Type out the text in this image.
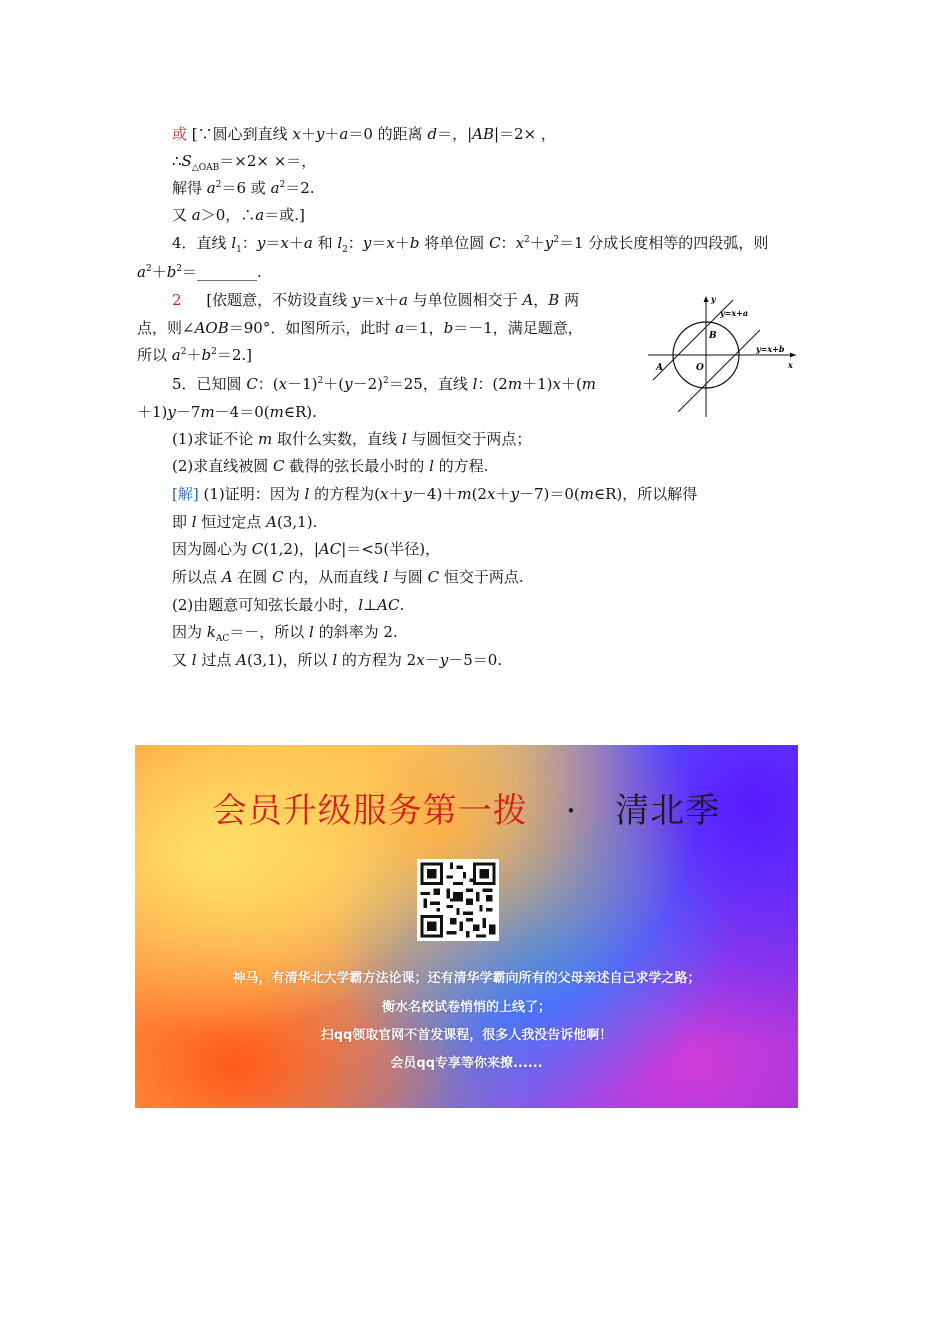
或 [∵圆心到直线 x＋y＋a＝0 的距离 d＝，|AB|＝2× ，
$\therefore S_{\triangle OAB}=\times 2\times$ ×＝，
解得 $a^2=6$ 或 $a^2=2$.
又 a＞0，∴a＝或.]
4．直线 $l_1$：y＝x＋a 和 $l_2$：y＝x＋b 将单位圆 C：$x^2+y^2=1$ 分成长度相等的四段弧，则
$a^2+b^2=\_\_\_\_\_\_\_\_$.
2 [依题意，不妨设直线 y＝x＋a 与单位圆相交于 A，B 两
点，则∠AOB＝90°．如图所示，此时 a＝1，b＝－1，满足题意，
所以 $a^2+b^2=2$.]
A
B
O
y
x
y=x+a
y=x+b
5．已知圆 C：$(x-1)^2+(y-2)^2=25$，直线 l：(2m＋1)x＋(m
＋1)y－7m－4＝0(m∈R).
(1)求证不论 m 取什么实数，直线 l 与圆恒交于两点；
(2)求直线被圆 C 截得的弦长最小时的 l 的方程.
[解] (1)证明：因为 l 的方程为(x＋y－4)＋m(2x＋y－7)＝0(m∈R)，所以解得
即 l 恒过定点 A(3,1).
因为圆心为 C(1,2)，|AC|＝<5(半径)，
所以点 A 在圆 C 内，从而直线 l 与圆 C 恒交于两点.
(2)由题意可知弦长最小时，l⊥AC.
因为 $k_{AC}=-$，所以 l 的斜率为 2.
又 l 过点 A(3,1)，所以 l 的方程为 2x－y－5＝0.
会员升级服务第一拨 · 清北季
神马，有清华北大学霸方法论课；还有清华学霸向所有的父母亲述自己求学之路；
衡水名校试卷悄悄的上线了；
扫qq领取官网不首发课程，很多人我没告诉他啊！
会员qq专享等你来撩......
